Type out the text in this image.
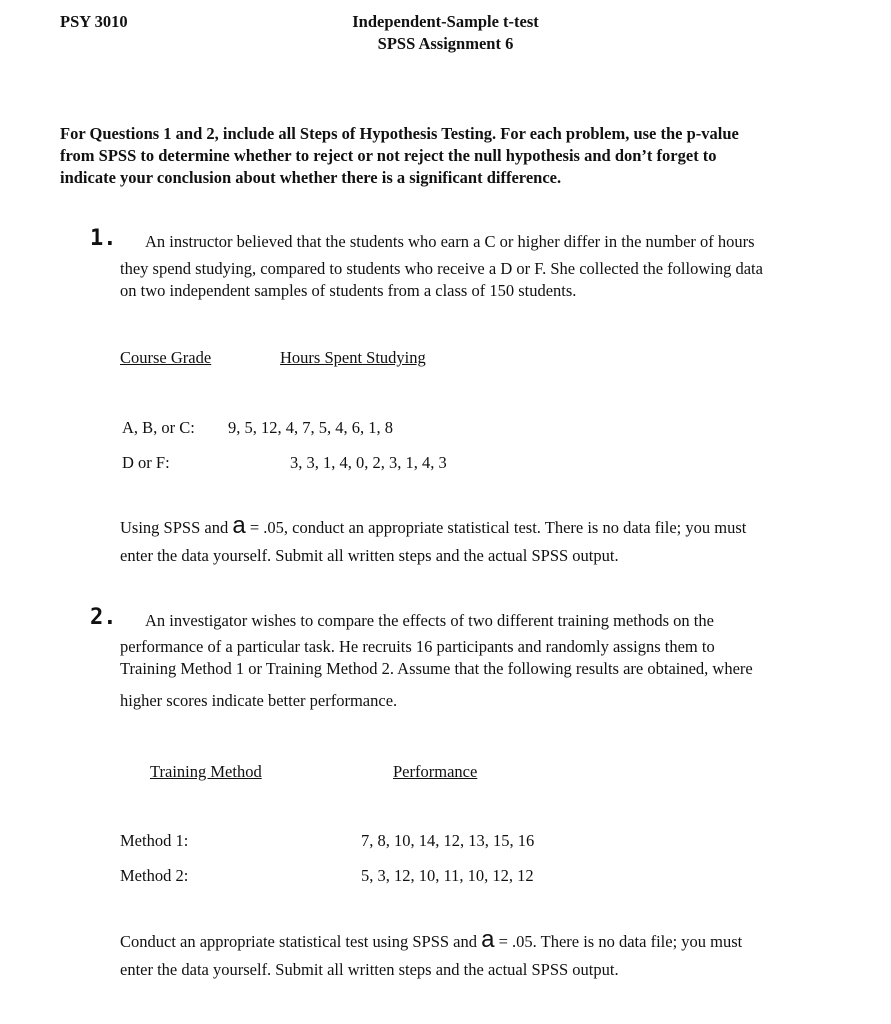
PSY 3010	Independent-Sample t-test
SPSS Assignment 6
For Questions 1 and 2, include all Steps of Hypothesis Testing. For each problem, use the p-value
from SPSS to determine whether to reject or not reject the null hypothesis and don’t forget to
indicate your conclusion about whether there is a significant difference.
1. An instructor believed that the students who earn a C or higher differ in the number of hours
they spend studying, compared to students who receive a D or F. She collected the following data
on two independent samples of students from a class of 150 students.
Course Grade	Hours Spent Studying
A, B, or C: 9, 5, 12, 4, 7, 5, 4, 6, 1, 8
D or F:	3, 3, 1, 4, 0, 2, 3, 1, 4, 3
Using SPSS and a = .05, conduct an appropriate statistical test. There is no data file; you must
enter the data yourself. Submit all written steps and the actual SPSS output.
2. An investigator wishes to compare the effects of two different training methods on the
performance of a particular task. He recruits 16 participants and randomly assigns them to
Training Method 1 or Training Method 2. Assume that the following results are obtained, where
higher scores indicate better performance.
Training Method	Performance
Method 1:	7, 8, 10, 14, 12, 13, 15, 16
Method 2:	5, 3, 12, 10, 11, 10, 12, 12
Conduct an appropriate statistical test using SPSS and a = .05. There is no data file; you must
enter the data yourself. Submit all written steps and the actual SPSS output.
